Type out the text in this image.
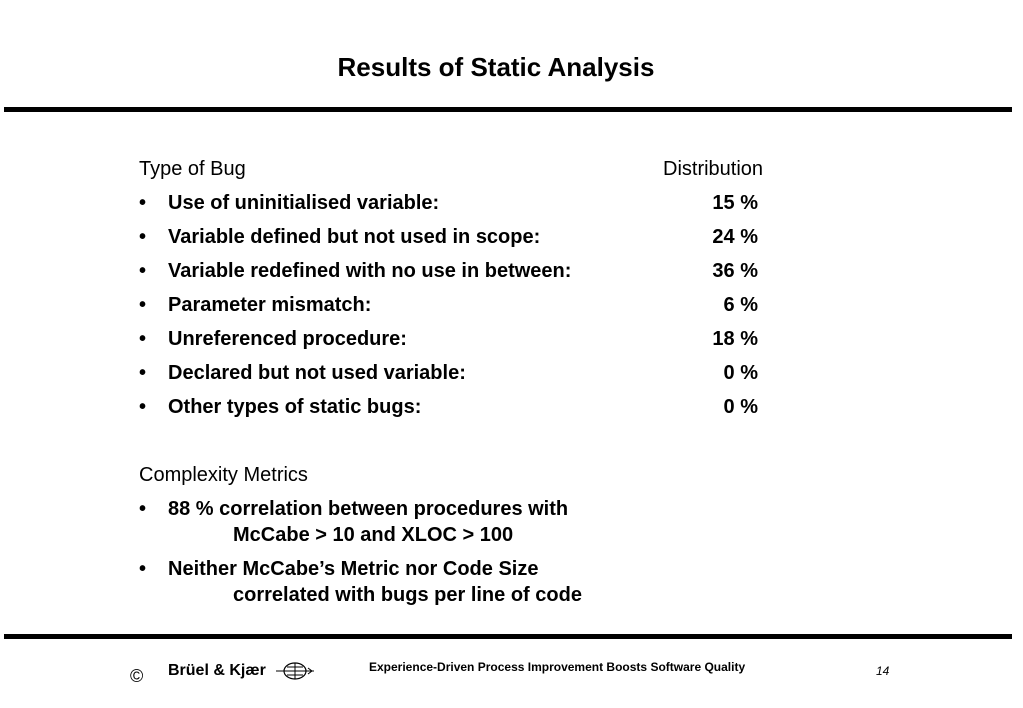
Results of Static Analysis
Type of Bug	Distribution
• Use of uninitialised variable:	15 %
• Variable defined but not used in scope:	24 %
• Variable redefined with no use in between:	36 %
• Parameter mismatch:	6 %
• Unreferenced procedure:	18 %
• Declared but not used variable:	0 %
• Other types of static bugs:	0 %
Complexity Metrics
• 88 % correlation between procedures with
McCabe > 10 and XLOC > 100
• Neither McCabe’s Metric nor Code Size
correlated with bugs per line of code
© Brüel & Kjær	Experience-Driven Process Improvement Boosts Software Quality	14
